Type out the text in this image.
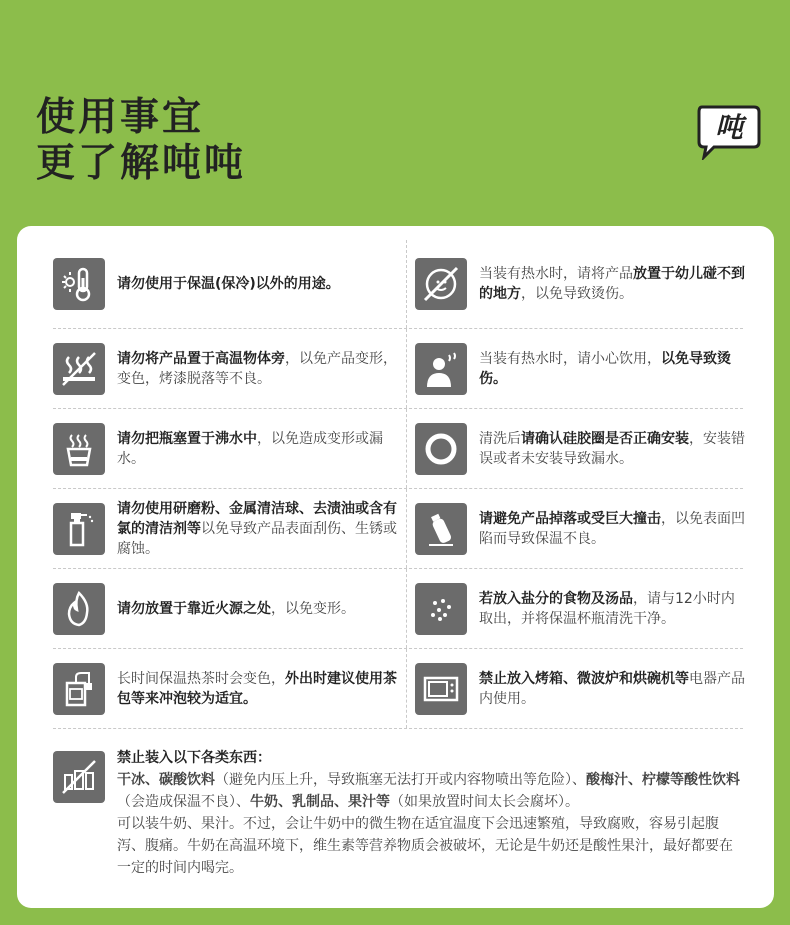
使用事宜
更了解吨吨
吨
请勿使用于保温(保冷)以外的用途。
当装有热水时，请将产品放置于幼儿碰不到的地方，以免导致烫伤。
请勿将产品置于高温物体旁，以免产品变形，变色，烤漆脱落等不良。
当装有热水时，请小心饮用，以免导致烫伤。
请勿把瓶塞置于沸水中，以免造成变形或漏水。
清洗后请确认硅胶圈是否正确安装，安装错误或者未安装导致漏水。
请勿使用研磨粉、金属清洁球、去渍油或含有氯的清洁剂等以免导致产品表面刮伤、生锈或腐蚀。
请避免产品掉落或受巨大撞击，以免表面凹陷而导致保温不良。
请勿放置于靠近火源之处，以免变形。
若放入盐分的食物及汤品，请与12小时内取出，并将保温杯瓶清洗干净。
长时间保温热茶时会变色，外出时建议使用茶包等来冲泡较为适宜。
禁止放入烤箱、微波炉和烘碗机等电器产品内使用。
禁止装入以下各类东西：
干冰、碳酸饮料（避免内压上升，导致瓶塞无法打开或内容物喷出等危险）、酸梅汁、柠檬等酸性饮料（会造成保温不良）、牛奶、乳制品、果汁等（如果放置时间太长会腐坏）。
可以装牛奶、果汁。不过，会让牛奶中的微生物在适宜温度下会迅速繁殖，导致腐败，容易引起腹泻、腹痛。牛奶在高温环境下，维生素等营养物质会被破坏，无论是牛奶还是酸性果汁，最好都要在一定的时间内喝完。
